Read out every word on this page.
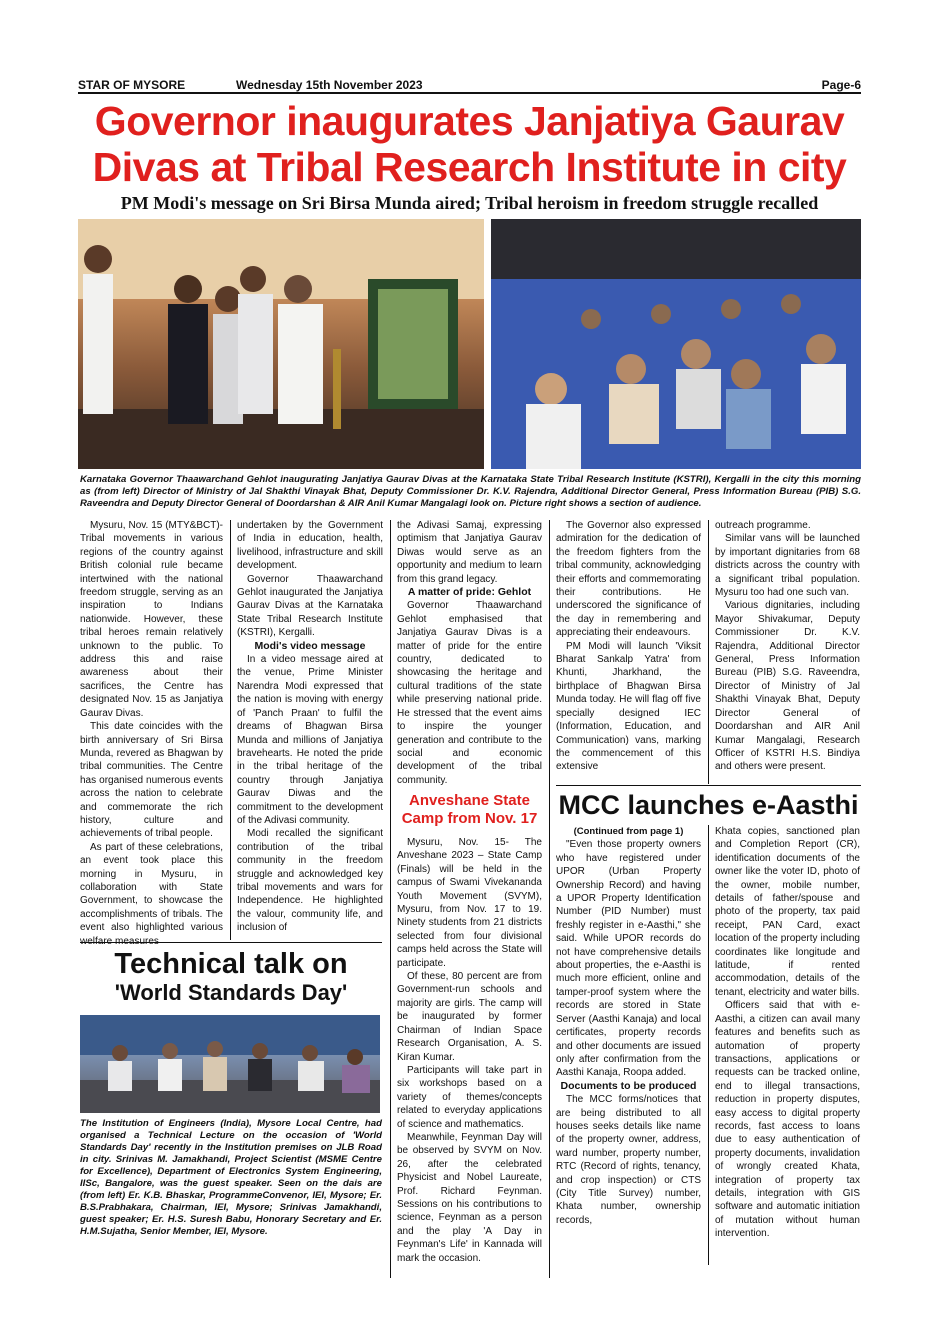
STAR OF MYSORE	Wednesday 15th November 2023	Page-6
Governor inaugurates Janjatiya Gaurav Divas at Tribal Research Institute in city
PM Modi's message on Sri Birsa Munda aired; Tribal heroism in freedom struggle recalled

Karnataka Governor Thaawarchand Gehlot inaugurating Janjatiya Gaurav Divas at the Karnataka State Tribal Research Institute (KSTRI), Kergalli in the city this morning as (from left) Director of Ministry of Jal Shakthi Vinayak Bhat, Deputy Commissioner Dr. K.V. Rajendra, Additional Director General, Press Information Bureau (PIB) S.G. Raveendra and Deputy Director General of Doordarshan & AIR Anil Kumar Mangalagi look on. Picture right shows a section of audience.

Mysuru, Nov. 15 (MTY&BCT)- Tribal movements in various regions of the country against British colonial rule became intertwined with the national freedom struggle, serving as an inspiration to Indians nationwide. However, these tribal heroes remain relatively unknown to the public. To address this and raise awareness about their sacrifices, the Centre has designated Nov. 15 as Janjatiya Gaurav Divas.

This date coincides with the birth anniversary of Sri Birsa Munda, revered as Bhagwan by tribal communities. The Centre has organised numerous events across the nation to celebrate and commemorate the rich history, culture and achievements of tribal people.

As part of these celebrations, an event took place this morning in Mysuru, in collaboration with State Government, to showcase the accomplishments of tribals. The event also highlighted various welfare measures

undertaken by the Government of India in education, health, livelihood, infrastructure and skill development.

Governor Thaawarchand Gehlot inaugurated the Janjatiya Gaurav Divas at the Karnataka State Tribal Research Institute (KSTRI), Kergalli.

Modi's video message

In a video message aired at the venue, Prime Minister Narendra Modi expressed that the nation is moving with energy of 'Panch Praan' to fulfil the dreams of Bhagwan Birsa Munda and millions of Janjatiya bravehearts. He noted the pride in the tribal heritage of the country through Janjatiya Gaurav Diwas and the commitment to the development of the Adivasi community.

Modi recalled the significant contribution of the tribal community in the freedom struggle and acknowledged key tribal movements and wars for Independence. He highlighted the valour, community life, and inclusion of

the Adivasi Samaj, expressing optimism that Janjatiya Gaurav Diwas would serve as an opportunity and medium to learn from this grand legacy.

A matter of pride: Gehlot

Governor Thaawarchand Gehlot emphasised that Janjatiya Gaurav Divas is a matter of pride for the entire country, dedicated to showcasing the heritage and cultural traditions of the state while preserving national pride. He stressed that the event aims to inspire the younger generation and contribute to the social and economic development of the tribal community.

The Governor also expressed admiration for the dedication of the freedom fighters from the tribal community, acknowledging their efforts and commemorating their contributions. He underscored the significance of the day in remembering and appreciating their endeavours.

PM Modi will launch 'Viksit Bharat Sankalp Yatra' from Khunti, Jharkhand, the birthplace of Bhagwan Birsa Munda today. He will flag off five specially designed IEC (Information, Education, and Communication) vans, marking the commencement of this extensive

outreach programme.

Similar vans will be launched by important dignitaries from 68 districts across the country with a significant tribal population. Mysuru too had one such van.

Various dignitaries, including Mayor Shivakumar, Deputy Commissioner Dr. K.V. Rajendra, Additional Director General, Press Information Bureau (PIB) S.G. Raveendra, Director of Ministry of Jal Shakthi Vinayak Bhat, Deputy Director General of Doordarshan and AIR Anil Kumar Mangalagi, Research Officer of KSTRI H.S. Bindiya and others were present.

Technical talk on
'World Standards Day'

The Institution of Engineers (India), Mysore Local Centre, had organised a Technical Lecture on the occasion of 'World Standards Day' recently in the Institution premises on JLB Road in city. Srinivas M. Jamakhandi, Project Scientist (MSME Centre for Excellence), Department of Electronics System Engineering, IISc, Bangalore, was the guest speaker. Seen on the dais are (from left) Er. K.B. Bhaskar, ProgrammeConvenor, IEI, Mysore; Er. B.S.Prabhakara, Chairman, IEI, Mysore; Srinivas Jamakhandi, guest speaker; Er. H.S. Suresh Babu, Honorary Secretary and Er. H.M.Sujatha, Senior Member, IEI, Mysore.

Anveshane State Camp from Nov. 17

Mysuru, Nov. 15- The Anveshane 2023 – State Camp (Finals) will be held in the campus of Swami Vivekananda Youth Movement (SVYM), Mysuru, from Nov. 17 to 19. Ninety students from 21 districts selected from four divisional camps held across the State will participate.

Of these, 80 percent are from Government-run schools and majority are girls. The camp will be inaugurated by former Chairman of Indian Space Research Organisation, A. S. Kiran Kumar.

Participants will take part in six workshops based on a variety of themes/concepts related to everyday applications of science and mathematics.

Meanwhile, Feynman Day will be observed by SVYM on Nov. 26, after the celebrated Physicist and Nobel Laureate, Prof. Richard Feynman. Sessions on his contributions to science, Feynman as a person and the play 'A Day in Feynman's Life' in Kannada will mark the occasion.

MCC launches e-Aasthi
(Continued from page 1)

"Even those property owners who have registered under UPOR (Urban Property Ownership Record) and having a UPOR Property Identification Number (PID Number) must freshly register in e-Aasthi," she said. While UPOR records do not have comprehensive details about properties, the e-Aasthi is much more efficient, online and tamper-proof system where the records are stored in State Server (Aasthi Kanaja) and local certificates, property records and other documents are issued only after confirmation from the Aasthi Kanaja, Roopa added.

Documents to be produced

The MCC forms/notices that are being distributed to all houses seeks details like name of the property owner, address, ward number, property number, RTC (Record of rights, tenancy, and crop inspection) or CTS (City Title Survey) number, Khata number, ownership records,

Khata copies, sanctioned plan and Completion Report (CR), identification documents of the owner like the voter ID, photo of the owner, mobile number, details of father/spouse and photo of the property, tax paid receipt, PAN Card, exact location of the property including coordinates like longitude and latitude, if rented accommodation, details of the tenant, electricity and water bills.

Officers said that with e-Aasthi, a citizen can avail many features and benefits such as automation of property transactions, applications or requests can be tracked online, end to illegal transactions, reduction in property disputes, easy access to digital property records, fast access to loans due to easy authentication of property documents, invalidation of wrongly created Khata, integration of property tax details, integration with GIS software and automatic initiation of mutation without human intervention.
